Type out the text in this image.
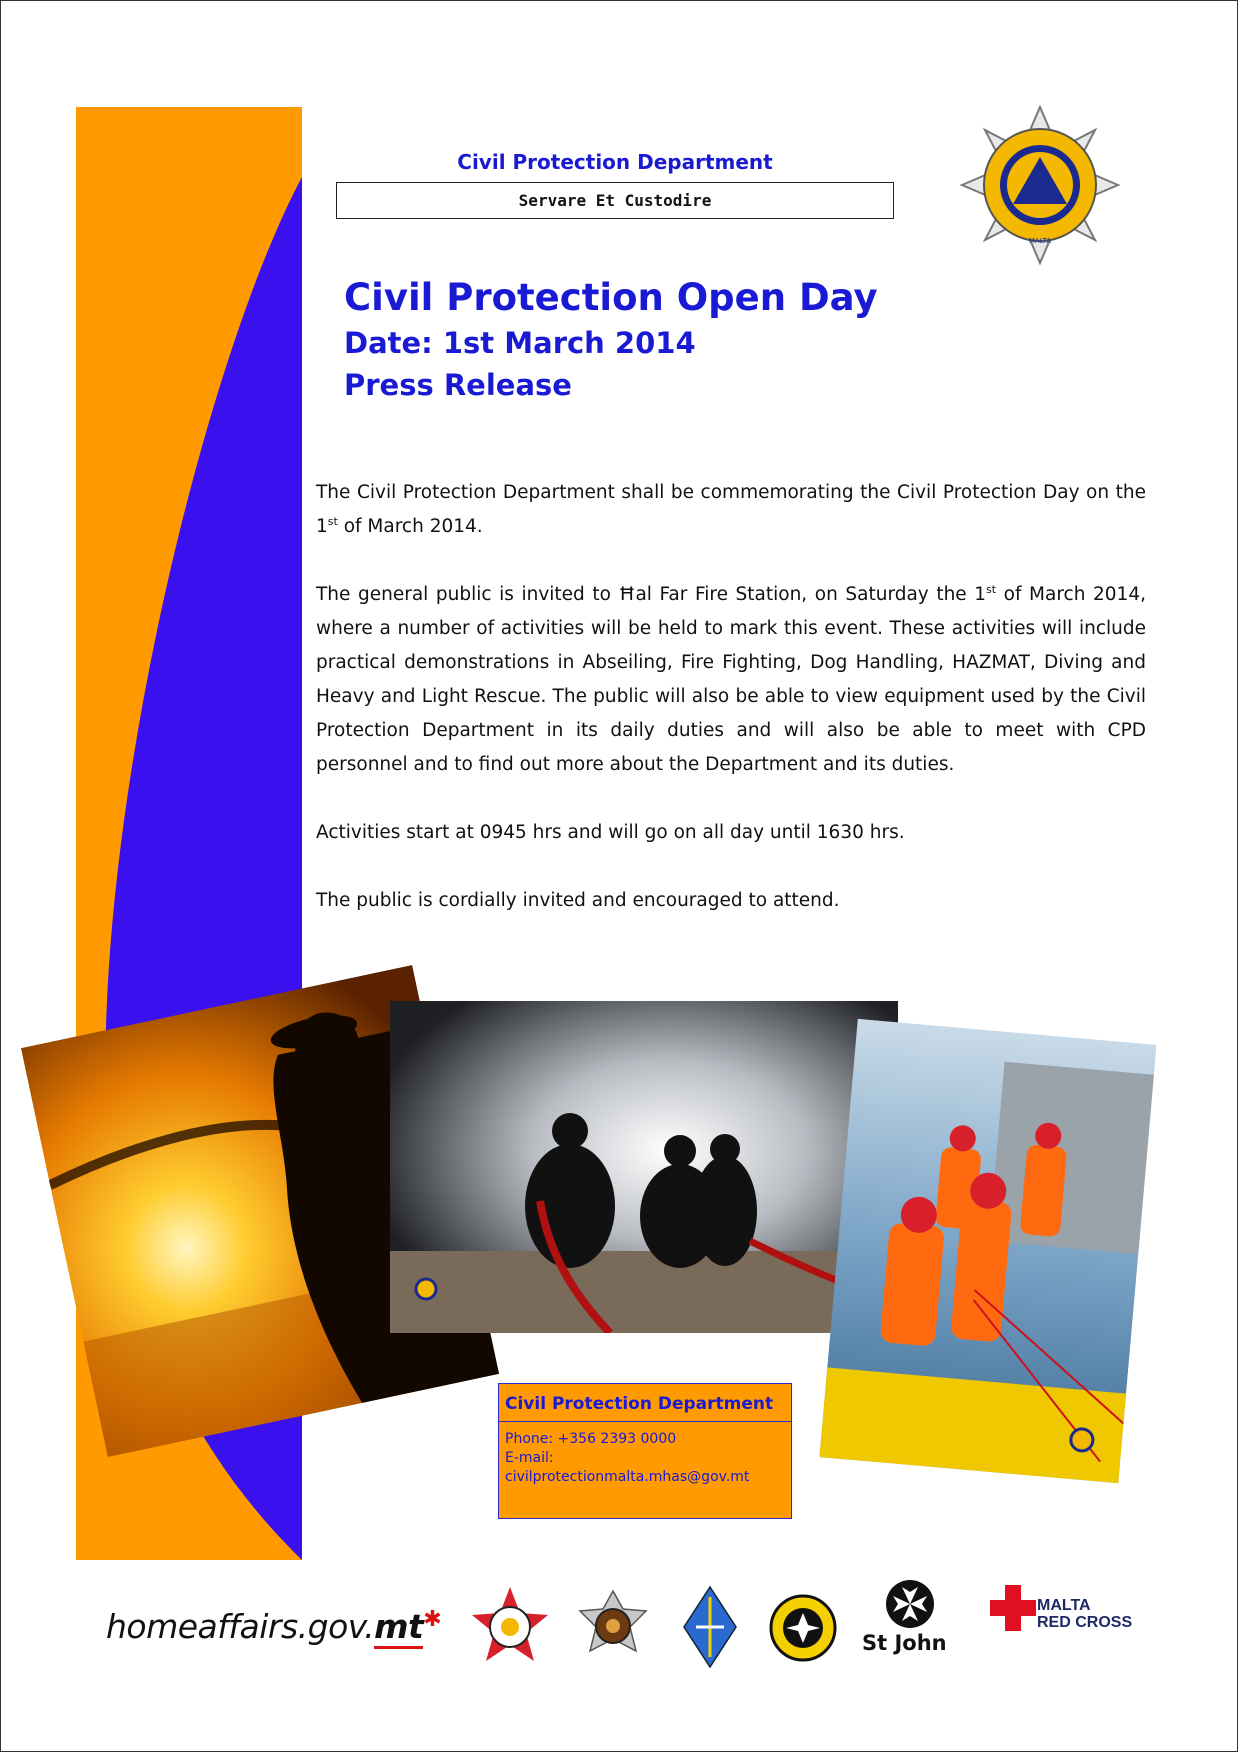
Civil Protection Department
Servare Et Custodire
MALTA
Civil Protection Open Day
Date: 1st March 2014
Press Release

The Civil Protection Department shall be commemorating the Civil Protection Day on the 1st of March 2014.

The general public is invited to Ħal Far Fire Station, on Saturday the 1st of March 2014, where a number of activities will be held to mark this event. These activities will include practical demonstrations in Abseiling, Fire Fighting, Dog Handling, HAZMAT, Diving and Heavy and Light Rescue. The public will also be able to view equipment used by the Civil Protection Department in its daily duties and will also be able to meet with CPD personnel and to find out more about the Department and its duties.

Activities start at 0945 hrs and will go on all day until 1630 hrs.

The public is cordially invited and encouraged to attend.

Civil Protection Department
Phone: +356 2393 0000
E-mail:
civilprotectionmalta.mhas@gov.mt
homeaffairs.gov.mt✱
St John
MALTA
RED CROSS
